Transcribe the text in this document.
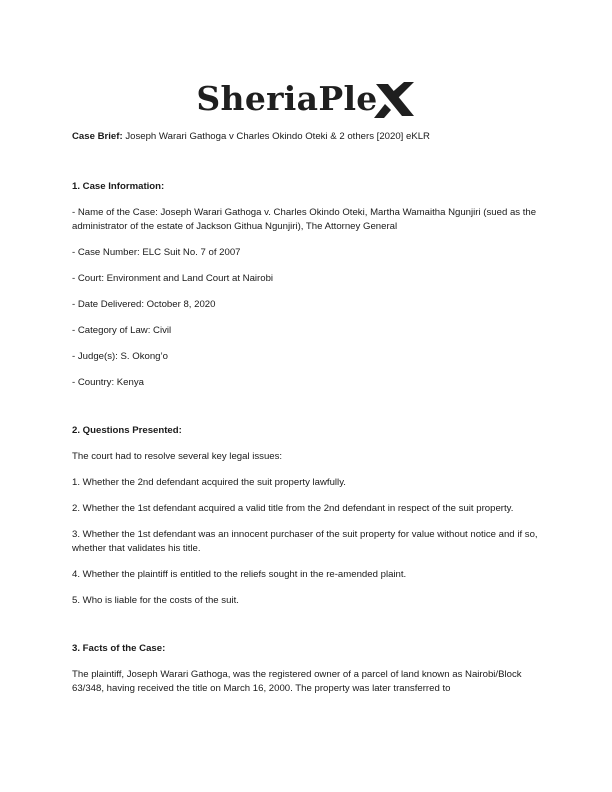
SheriaPle

Case Brief: Joseph Warari Gathoga v Charles Okindo Oteki & 2 others [2020] eKLR

1. Case Information:

- Name of the Case: Joseph Warari Gathoga v. Charles Okindo Oteki, Martha Wamaitha Ngunjiri (sued as the administrator of the estate of Jackson Githua Ngunjiri), The Attorney General

- Case Number: ELC Suit No. 7 of 2007

- Court: Environment and Land Court at Nairobi

- Date Delivered: October 8, 2020

- Category of Law: Civil

- Judge(s): S. Okong’o

- Country: Kenya

2. Questions Presented:

The court had to resolve several key legal issues:

1. Whether the 2nd defendant acquired the suit property lawfully.

2. Whether the 1st defendant acquired a valid title from the 2nd defendant in respect of the suit property.

3. Whether the 1st defendant was an innocent purchaser of the suit property for value without notice and if so, whether that validates his title.

4. Whether the plaintiff is entitled to the reliefs sought in the re-amended plaint.

5. Who is liable for the costs of the suit.

3. Facts of the Case:

The plaintiff, Joseph Warari Gathoga, was the registered owner of a parcel of land known as Nairobi/Block 63/348, having received the title on March 16, 2000. The property was later transferred to
